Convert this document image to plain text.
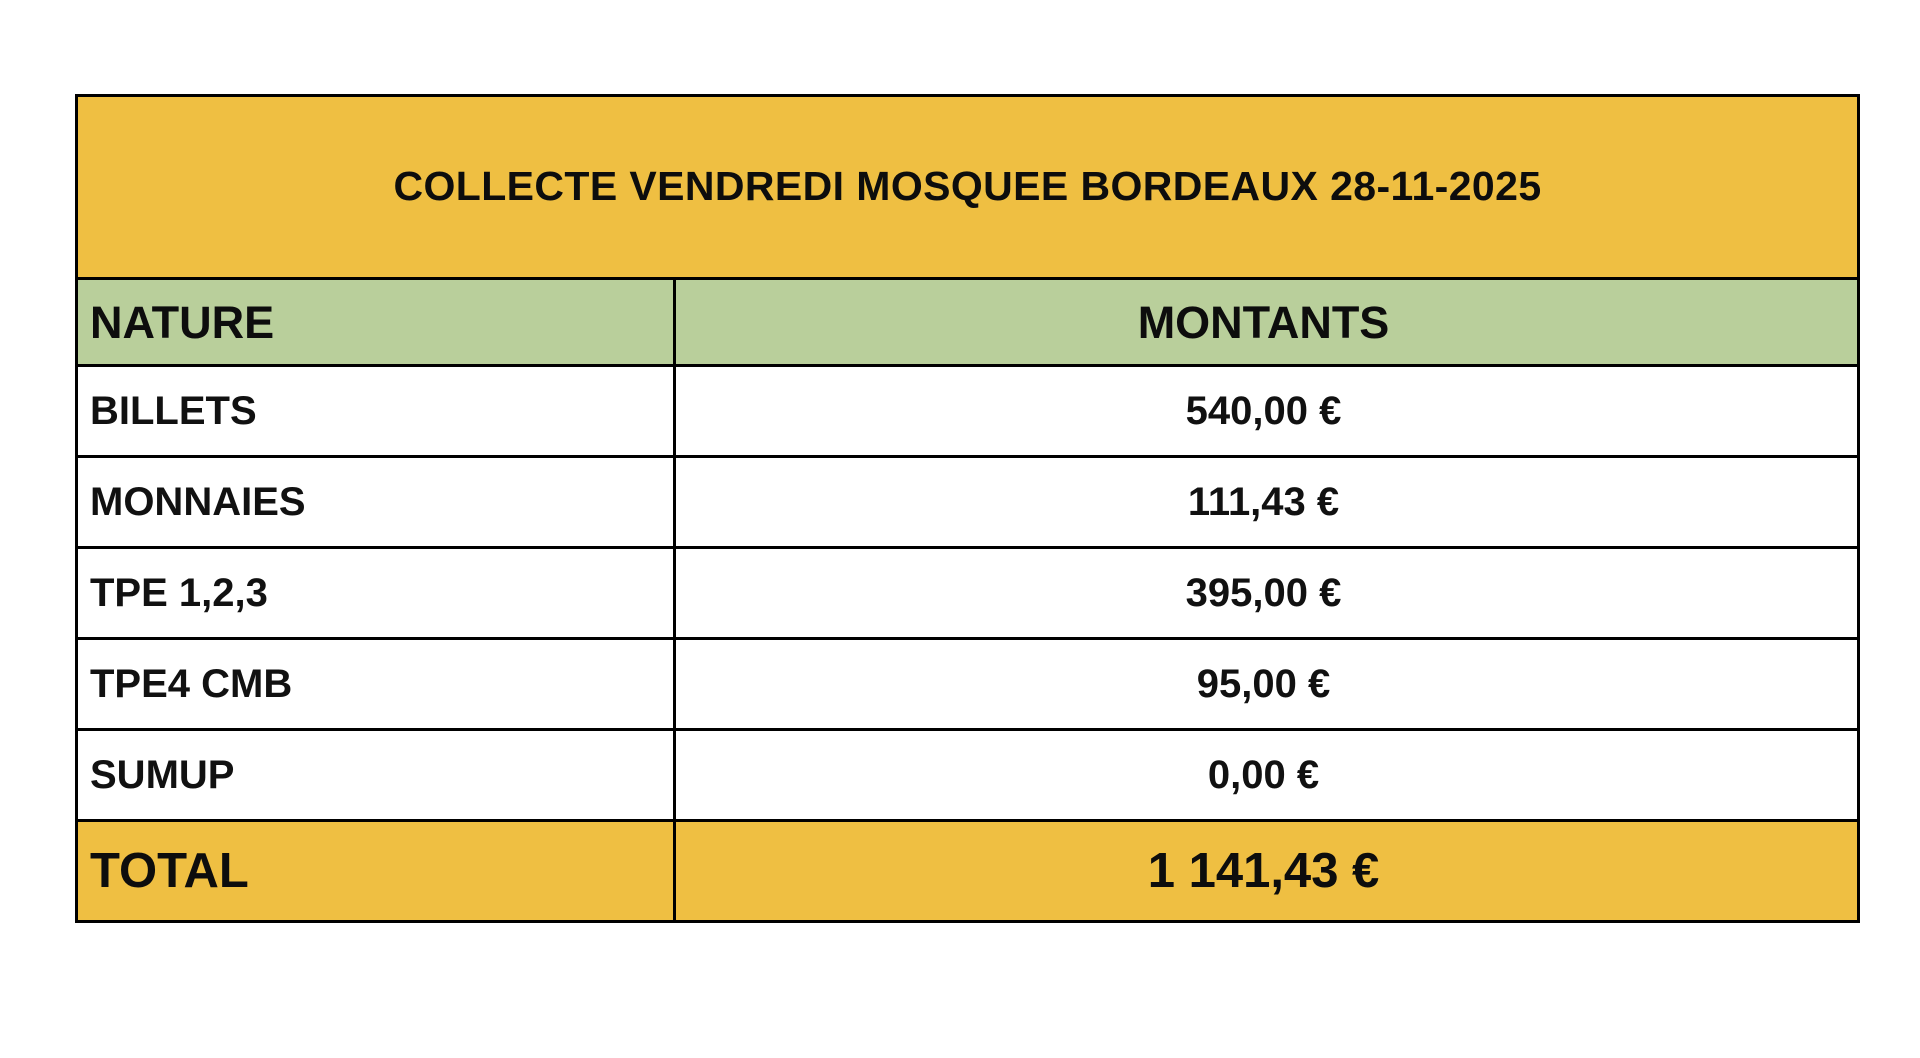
COLLECTE VENDREDI MOSQUEE BORDEAUX 28-11-2025	

NATURE	MONTANTS

BILLETS	540,00 €

MONNAIES	111,43 €

TPE 1,2,3	395,00 €

TPE4 CMB	95,00 €

SUMUP	0,00 €

TOTAL	1 141,43 €
